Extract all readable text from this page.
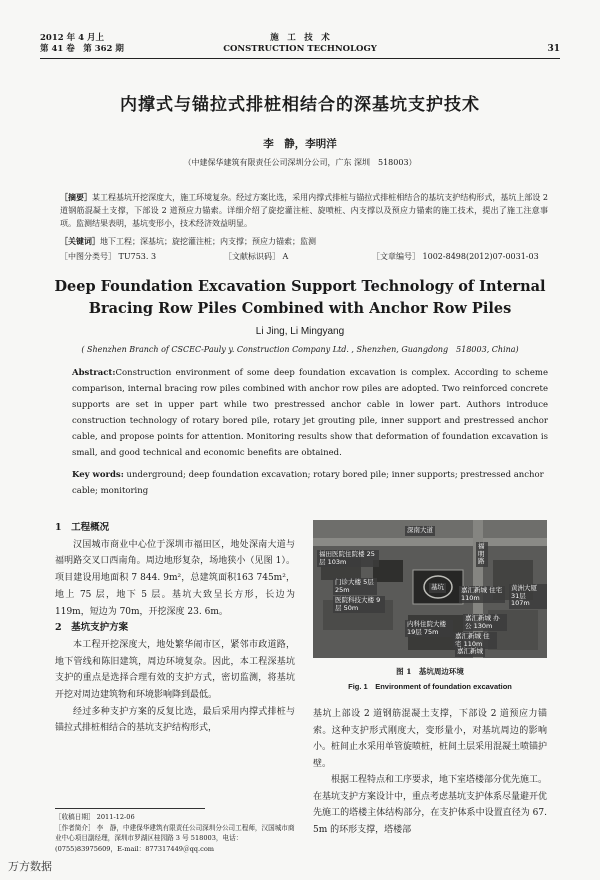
2012 年 4 月上
第 41 卷　第 362 期
施　工　技　术
CONSTRUCTION TECHNOLOGY	31
内撑式与锚拉式排桩相结合的深基坑支护技术
李　静，李明洋
（中建保华建筑有限责任公司深圳分公司，广东 深圳　518003）
［摘要］某工程基坑开挖深度大，施工环境复杂。经过方案比选，采用内撑式排桩与锚拉式排桩相结合的基坑支护结构形式，基坑上部设 2 道钢筋混凝土支撑，下部设 2 道预应力锚索。详细介绍了旋挖灌注桩、旋喷桩、内支撑以及预应力锚索的施工技术，提出了施工注意事项。监测结果表明，基坑变形小，技术经济效益明显。
［关键词］地下工程；深基坑；旋挖灌注桩；内支撑；预应力锚索；监测
［中图分类号］ TU753. 3	［文献标识码］ A	［文章编号］ 1002-8498(2012)07-0031-03
Deep Foundation Excavation Support Technology of Internal
Bracing Row Piles Combined with Anchor Row Piles
Li Jing, Li Mingyang
( Shenzhen Branch of CSCEC-Pauly y. Construction Company Ltd. , Shenzhen, Guangdong　518003, China)
Abstract:Construction environment of some deep foundation excavation is complex. According to scheme comparison, internal bracing row piles combined with anchor row piles are adopted. Two reinforced concrete supports are set in upper part while two prestressed anchor cable in lower part. Authors introduce construction technology of rotary bored pile, rotary jet grouting pile, inner support and prestressed anchor cable, and propose points for attention. Monitoring results show that deformation of foundation excavation is small, and good technical and economic benefits are obtained.
Key words: underground; deep foundation excavation; rotary bored pile; inner supports; prestressed anchor cable; monitoring
1　工程概况

汉国城市商业中心位于深圳市福田区，地处深南大道与福明路交叉口西南角。周边地形复杂，场地狭小（见图 1）。项目建设用地面积 7 844. 9m²，总建筑面积163 745m²，地上 75 层，地下 5 层。基坑大致呈长方形，长边为 119m，短边为 70m，开挖深度 23. 6m。

2　基坑支护方案

本工程开挖深度大，地处繁华闹市区，紧邻市政道路，地下管线和陈旧建筑，周边环境复杂。因此，本工程深基坑支护的重点是选择合理有效的支护方式，密切监测，将基坑开挖对周边建筑物和环境影响降到最低。

经过多种支护方案的反复比选，最后采用内撑式排桩与锚拉式排桩相结合的基坑支护结构形式，

深南大道
福明路
福田医院住院楼 25层 103m
门诊大楼 5层 25m
医院科技大楼 9层 50m
基坑	嘉汇新城 住宅 110m
嘉汇新城 办公 130m
黄洲大厦 31层 107m
内科住院大楼 19层 75m
嘉汇新城 住宅 110m
嘉汇新城
图 1　基坑周边环境
Fig. 1　Environment of foundation excavation

基坑上部设 2 道钢筋混凝土支撑，下部设 2 道预应力锚索。这种支护形式刚度大，变形量小，对基坑周边的影响小。桩间止水采用单管旋喷桩，桩间土层采用混凝土喷锚护壁。

根据工程特点和工序要求，地下室塔楼部分优先施工。在基坑支护方案设计中，重点考虑基坑支护体系尽量避开优先施工的塔楼主体结构部分，在支护体系中设置直径为 67. 5m 的环形支撑，塔楼部

［收稿日期］ 2011-12-06
［作者简介］ 李　静，中建保华建筑有限责任公司深圳分公司工程师，汉国城市商业中心项目副经理，深圳市罗湖区桂园路 3 号 518003，电话：(0755)83975609，E-mail：877317449＠qq.com
万方数据
